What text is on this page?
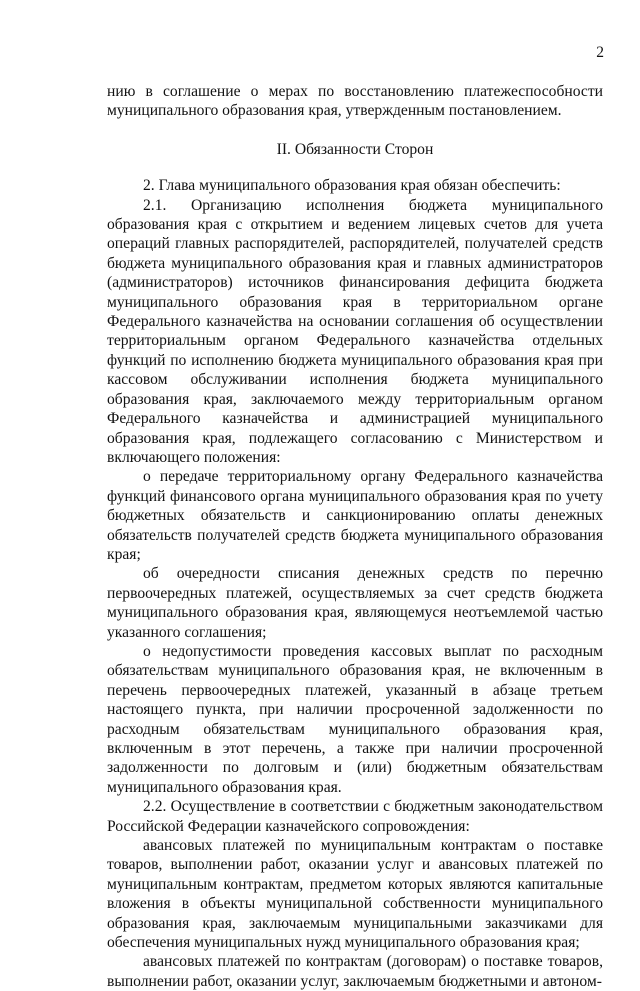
2

нию в соглашение о мерах по восстановлению платежеспособности муниципального образования края, утвержденным постановлением.

II. Обязанности Сторон

2. Глава муниципального образования края обязан обеспечить:

2.1. Организацию исполнения бюджета муниципального образования края с открытием и ведением лицевых счетов для учета операций главных распорядителей, распорядителей, получателей средств бюджета муниципального образования края и главных администраторов (администраторов) источников финансирования дефицита бюджета муниципального образования края в территориальном органе Федерального казначейства на основании соглашения об осуществлении территориальным органом Федерального казначейства отдельных функций по исполнению бюджета муниципального образования края при кассовом обслуживании исполнения бюджета муниципального образования края, заключаемого между территориальным органом Федерального казначейства и администрацией муниципального образования края, подлежащего согласованию с Министерством и включающего положения:

о передаче территориальному органу Федерального казначейства функций финансового органа муниципального образования края по учету бюджетных обязательств и санкционированию оплаты денежных обязательств получателей средств бюджета муниципального образования края;

об очередности списания денежных средств по перечню первоочередных платежей, осуществляемых за счет средств бюджета муниципального образования края, являющемуся неотъемлемой частью указанного соглашения;

о недопустимости проведения кассовых выплат по расходным обязательствам муниципального образования края, не включенным в перечень первоочередных платежей, указанный в абзаце третьем настоящего пункта, при наличии просроченной задолженности по расходным обязательствам муниципального образования края, включенным в этот перечень, а также при наличии просроченной задолженности по долговым и (или) бюджетным обязательствам муниципального образования края.

2.2. Осуществление в соответствии с бюджетным законодательством Российской Федерации казначейского сопровождения:

авансовых платежей по муниципальным контрактам о поставке товаров, выполнении работ, оказании услуг и авансовых платежей по муниципальным контрактам, предметом которых являются капитальные вложения в объекты муниципальной собственности муниципального образования края, заключаемым муниципальными заказчиками для обеспечения муниципальных нужд муниципального образования края;

авансовых платежей по контрактам (договорам) о поставке товаров, выполнении работ, оказании услуг, заключаемым бюджетными и автоном-
